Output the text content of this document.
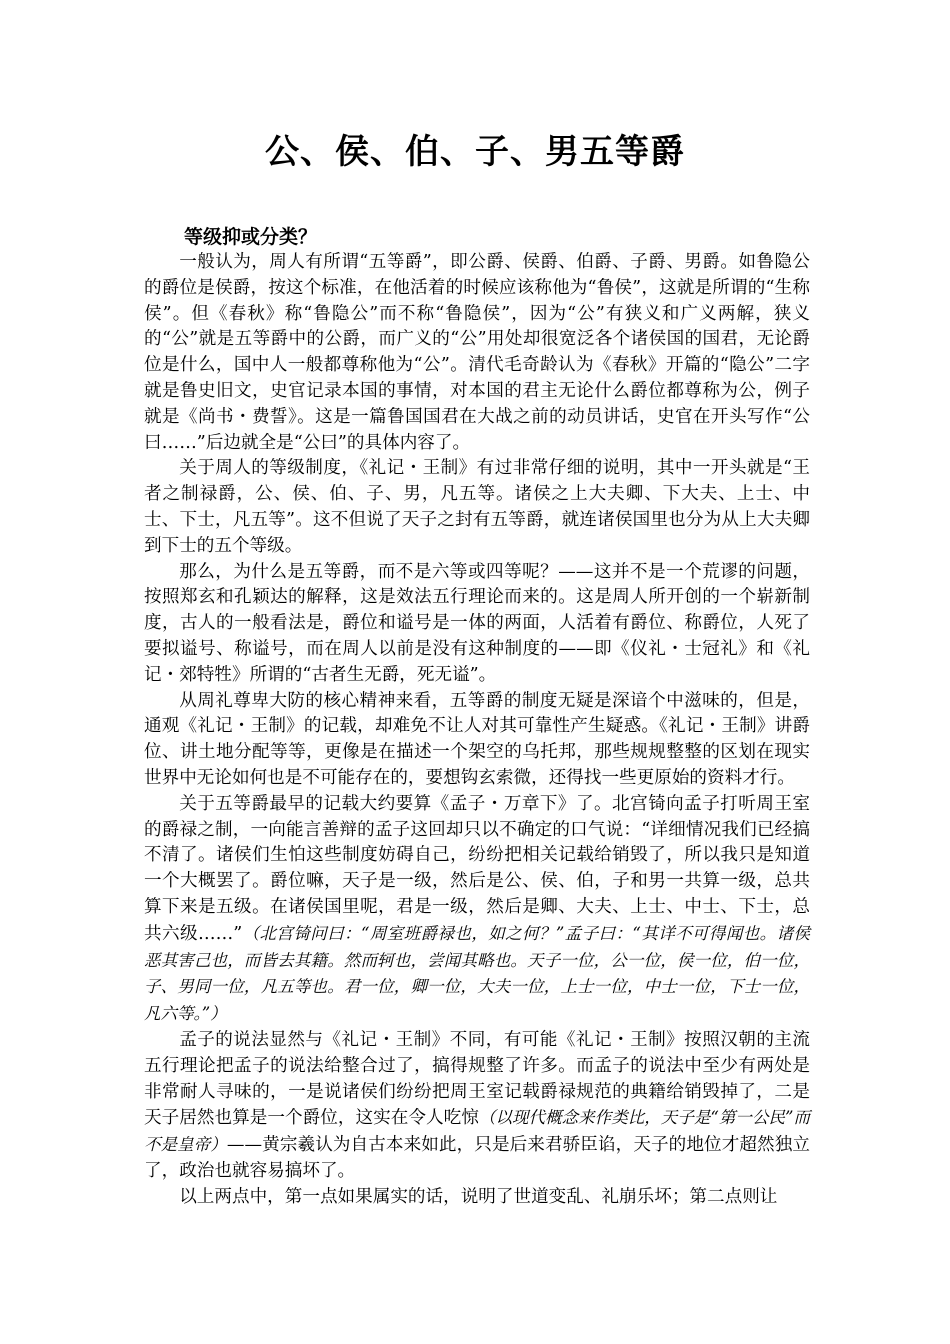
公、侯、伯、子、男五等爵
等级抑或分类？

一般认为，周人有所谓“五等爵”，即公爵、侯爵、伯爵、子爵、男爵。如鲁隐公的爵位是侯爵，按这个标准，在他活着的时候应该称他为“鲁侯”，这就是所谓的“生称侯”。但《春秋》称“鲁隐公”而不称“鲁隐侯”，因为“公”有狭义和广义两解，狭义的“公”就是五等爵中的公爵，而广义的“公”用处却很宽泛各个诸侯国的国君，无论爵位是什么，国中人一般都尊称他为“公”。清代毛奇龄认为《春秋》开篇的“隐公”二字就是鲁史旧文，史官记录本国的事情，对本国的君主无论什么爵位都尊称为公，例子就是《尚书・费誓》。这是一篇鲁国国君在大战之前的动员讲话，史官在开头写作“公曰……”后边就全是“公曰”的具体内容了。

关于周人的等级制度，《礼记・王制》有过非常仔细的说明，其中一开头就是“王者之制禄爵，公、侯、伯、子、男，凡五等。诸侯之上大夫卿、下大夫、上士、中士、下士，凡五等”。这不但说了天子之封有五等爵，就连诸侯国里也分为从上大夫卿到下士的五个等级。

那么，为什么是五等爵，而不是六等或四等呢？——这并不是一个荒谬的问题，按照郑玄和孔颖达的解释，这是效法五行理论而来的。这是周人所开创的一个崭新制度，古人的一般看法是，爵位和谥号是一体的两面，人活着有爵位、称爵位，人死了要拟谥号、称谥号，而在周人以前是没有这种制度的——即《仪礼・士冠礼》和《礼记・郊特牲》所谓的“古者生无爵，死无谥”。

从周礼尊卑大防的核心精神来看，五等爵的制度无疑是深谙个中滋味的，但是，通观《礼记・王制》的记载，却难免不让人对其可靠性产生疑惑。《礼记・王制》讲爵位、讲土地分配等等，更像是在描述一个架空的乌托邦，那些规规整整的区划在现实世界中无论如何也是不可能存在的，要想钩玄索微，还得找一些更原始的资料才行。

关于五等爵最早的记载大约要算《孟子・万章下》了。北宫锜向孟子打听周王室的爵禄之制，一向能言善辩的孟子这回却只以不确定的口气说：“详细情况我们已经搞不清了。诸侯们生怕这些制度妨碍自己，纷纷把相关记载给销毁了，所以我只是知道一个大概罢了。爵位嘛，天子是一级，然后是公、侯、伯，子和男一共算一级，总共算下来是五级。在诸侯国里呢，君是一级，然后是卿、大夫、上士、中士、下士，总共六级……”（北宫锜问曰：“周室班爵禄也，如之何？”孟子曰：“其详不可得闻也。诸侯恶其害己也，而皆去其籍。然而轲也，尝闻其略也。天子一位，公一位，侯一位，伯一位，子、男同一位，凡五等也。君一位，卿一位，大夫一位，上士一位，中士一位，下士一位，凡六等。”）

孟子的说法显然与《礼记・王制》不同，有可能《礼记・王制》按照汉朝的主流五行理论把孟子的说法给整合过了，搞得规整了许多。而孟子的说法中至少有两处是非常耐人寻味的，一是说诸侯们纷纷把周王室记载爵禄规范的典籍给销毁掉了，二是天子居然也算是一个爵位，这实在令人吃惊（以现代概念来作类比，天子是“第一公民”而不是皇帝）——黄宗羲认为自古本来如此，只是后来君骄臣谄，天子的地位才超然独立了，政治也就容易搞坏了。

以上两点中，第一点如果属实的话，说明了世道变乱、礼崩乐坏；第二点则让
